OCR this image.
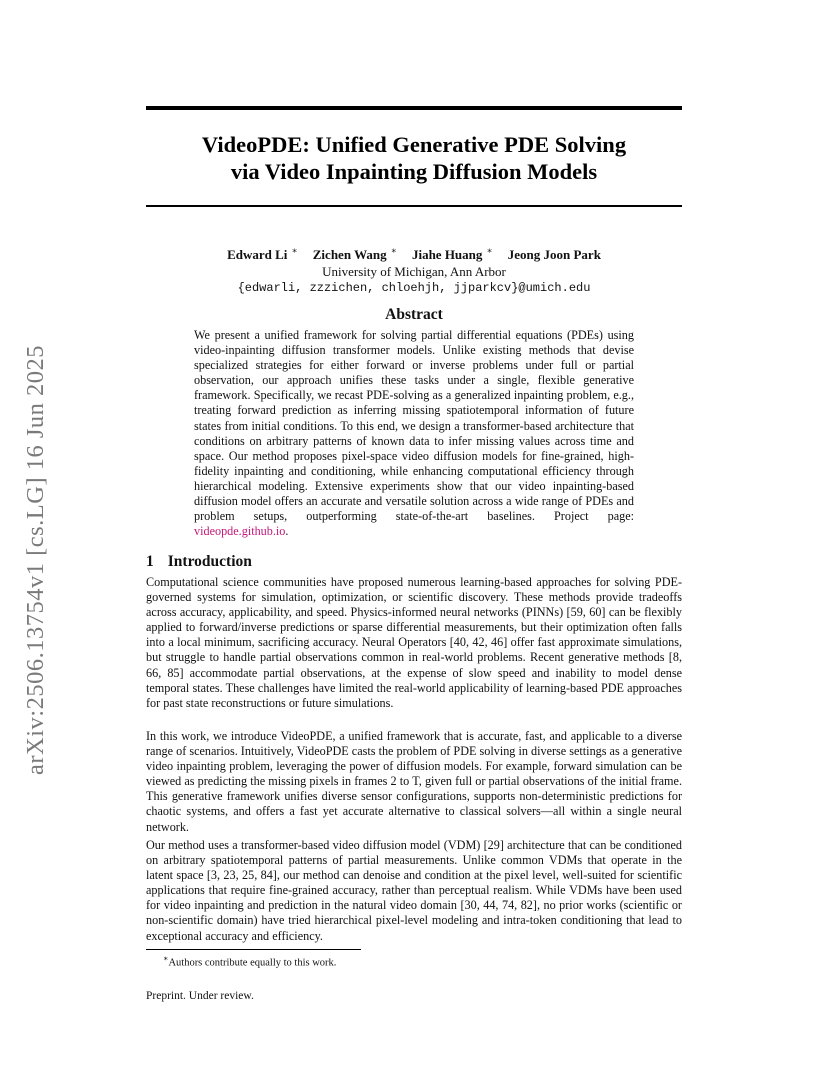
arXiv:2506.13754v1 [cs.LG] 16 Jun 2025
VideoPDE: Unified Generative PDE Solving
via Video Inpainting Diffusion Models
Edward Li ∗ Zichen Wang ∗ Jiahe Huang ∗ Jeong Joon Park
University of Michigan, Ann Arbor
{edwarli, zzzichen, chloehjh, jjparkcv}@umich.edu
Abstract
We present a unified framework for solving partial differential equations (PDEs) using video-inpainting diffusion transformer models. Unlike existing methods that devise specialized strategies for either forward or inverse problems under full or partial observation, our approach unifies these tasks under a single, flexible generative framework. Specifically, we recast PDE-solving as a generalized inpainting problem, e.g., treating forward prediction as inferring missing spatiotemporal information of future states from initial conditions. To this end, we design a transformer-based architecture that conditions on arbitrary patterns of known data to infer missing values across time and space. Our method proposes pixel-space video diffusion models for fine-grained, high-fidelity inpainting and conditioning, while enhancing computational efficiency through hierarchical modeling. Extensive experiments show that our video inpainting-based diffusion model offers an accurate and versatile solution across a wide range of PDEs and problem setups, outperforming state-of-the-art baselines. Project page: videopde.github.io.
1 Introduction
Computational science communities have proposed numerous learning-based approaches for solving PDE-governed systems for simulation, optimization, or scientific discovery. These methods provide tradeoffs across accuracy, applicability, and speed. Physics-informed neural networks (PINNs) [59, 60] can be flexibly applied to forward/inverse predictions or sparse differential measurements, but their optimization often falls into a local minimum, sacrificing accuracy. Neural Operators [40, 42, 46] offer fast approximate simulations, but struggle to handle partial observations common in real-world problems. Recent generative methods [8, 66, 85] accommodate partial observations, at the expense of slow speed and inability to model dense temporal states. These challenges have limited the real-world applicability of learning-based PDE approaches for past state reconstructions or future simulations.
In this work, we introduce VideoPDE, a unified framework that is accurate, fast, and applicable to a diverse range of scenarios. Intuitively, VideoPDE casts the problem of PDE solving in diverse settings as a generative video inpainting problem, leveraging the power of diffusion models. For example, forward simulation can be viewed as predicting the missing pixels in frames 2 to T, given full or partial observations of the initial frame. This generative framework unifies diverse sensor configurations, supports non-deterministic predictions for chaotic systems, and offers a fast yet accurate alternative to classical solvers—all within a single neural network.
Our method uses a transformer-based video diffusion model (VDM) [29] architecture that can be conditioned on arbitrary spatiotemporal patterns of partial measurements. Unlike common VDMs that operate in the latent space [3, 23, 25, 84], our method can denoise and condition at the pixel level, well-suited for scientific applications that require fine-grained accuracy, rather than perceptual realism. While VDMs have been used for video inpainting and prediction in the natural video domain [30, 44, 74, 82], no prior works (scientific or non-scientific domain) have tried hierarchical pixel-level modeling and intra-token conditioning that lead to exceptional accuracy and efficiency.
∗Authors contribute equally to this work.
Preprint. Under review.
